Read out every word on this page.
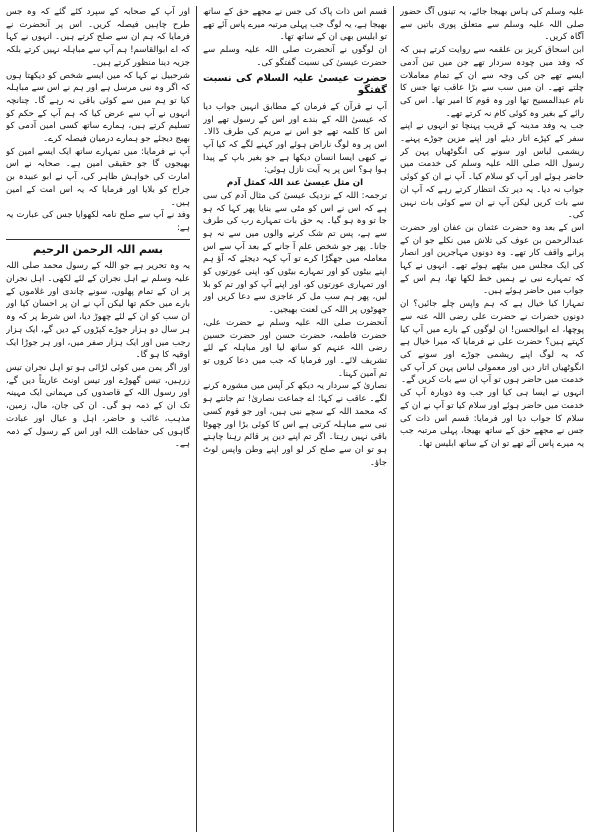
علیہ وسلم کی ہاس بھیجا جائے، یہ تینوں آگ حضور صلی اللہ علیہ وسلم سے متعلق پوری باتیں سے آگاہ کریں۔

ابن اسحاق کریز بن علقمہ سے روایت کرتے ہیں کہ کہ وفد میں چودہ سردار تھے جن میں تین آدمی ایسے تھے جن کی وجہ سے ان کے تمام معاملات چلتے تھے۔ ان میں سب سے بڑا عاقب تھا جس کا نام عبدالمسیح تھا اور وہ قوم کا امیر تھا۔ اس کی رائے کے بغیر وہ کوئی کام نہ کرتے تھے۔

جب یہ وفد مدینہ کے قریب پہنچا تو انہوں نے اپنے سفر کے کپڑے اتار دیئے اور اپنے مزین جوڑے پہنے۔ ریشمی لباس اور سونے کی انگوٹھیاں پہن کر رسول اللہ صلی اللہ علیہ وسلم کی خدمت میں حاضر ہوئے اور آپ کو سلام کیا۔ آپ نے ان کو کوئی جواب نہ دیا۔ یہ دیر تک انتظار کرتے رہے کہ آپ ان سے بات کریں لیکن آپ نے ان سے کوئی بات نہیں کی۔

اس کے بعد وہ حضرت عثمان بن عفان اور حضرت عبدالرحمن بن عوف کی تلاش میں نکلے جو ان کے پرانے واقف کار تھے۔ وہ دونوں مہاجرین اور انصار کی ایک مجلس میں بیٹھے ہوئے تھے۔ انہوں نے کہا کہ تمہارے نبی نے ہمیں خط لکھا تھا، ہم اس کے جواب میں حاضر ہوئے ہیں۔

تمہارا کیا خیال ہے کہ ہم واپس چلے جائیں؟ ان دونوں حضرات نے حضرت علی رضی اللہ عنہ سے پوچھا، اے ابوالحسن! ان لوگوں کے بارے میں آپ کیا کہتے ہیں؟ حضرت علی نے فرمایا کہ میرا خیال ہے کہ یہ لوگ اپنے ریشمی جوڑے اور سونے کی انگوٹھیاں اتار دیں اور معمولی لباس پہن کر آپ کی خدمت میں حاضر ہوں تو آپ ان سے بات کریں گے۔

انہوں نے ایسا ہی کیا اور جب وہ دوبارہ آپ کی خدمت میں حاضر ہوئے اور سلام کیا تو آپ نے ان کے سلام کا جواب دیا اور فرمایا: قسم اس ذات کی جس نے مجھے حق کے ساتھ بھیجا، پہلی مرتبہ جب یہ میرے پاس آئے تھے تو ان کے ساتھ ابلیس تھا۔

قسم اس ذات پاک کی جس نے مجھے حق کے ساتھ بھیجا ہے، یہ لوگ جب پہلی مرتبہ میرے پاس آئے تھے تو ابلیس بھی ان کے ساتھ تھا۔

ان لوگوں نے آنحضرت صلی اللہ علیہ وسلم سے حضرت عیسیٰ کی نسبت گفتگو کی۔

حضرت عیسیٰ علیہ السلام کی نسبت گفتگو

آپ نے قرآن کے فرمان کے مطابق انہیں جواب دیا کہ عیسیٰ اللہ کے بندے اور اس کے رسول تھے اور اس کا کلمہ تھے جو اس نے مریم کی طرف ڈالا۔ اس پر وہ لوگ ناراض ہوئے اور کہنے لگے کہ کیا آپ نے کبھی ایسا انسان دیکھا ہے جو بغیر باپ کے پیدا ہوا ہو؟ اس پر یہ آیت نازل ہوئی:

ان مثل عیسیٰ عند اللہ کمثل آدم

ترجمہ: اللہ کے نزدیک عیسیٰ کی مثال آدم کی سی ہے کہ اس نے اس کو مٹی سے بنایا پھر کہا کہ ہو جا تو وہ ہو گیا۔ یہ حق بات تمہارے رب کی طرف سے ہے، پس تم شک کرنے والوں میں سے نہ ہو جانا۔ پھر جو شخص علم آ جانے کے بعد آپ سے اس معاملہ میں جھگڑا کرے تو آپ کہہ دیجئے کہ آؤ ہم اپنے بیٹوں کو اور تمہارے بیٹوں کو، اپنی عورتوں کو اور تمہاری عورتوں کو، اور اپنے آپ کو اور تم کو بلا لیں، پھر ہم سب مل کر عاجزی سے دعا کریں اور جھوٹوں پر اللہ کی لعنت بھیجیں۔

آنحضرت صلی اللہ علیہ وسلم نے حضرت علی، حضرت فاطمہ، حضرت حسن اور حضرت حسین رضی اللہ عنہم کو ساتھ لیا اور مباہلہ کے لئے تشریف لائے۔ اور فرمایا کہ جب میں دعا کروں تو تم آمین کہنا۔

نصاریٰ کے سردار یہ دیکھ کر آپس میں مشورہ کرنے لگے۔ عاقب نے کہا: اے جماعت نصاریٰ! تم جانتے ہو کہ محمد اللہ کے سچے نبی ہیں، اور جو قوم کسی نبی سے مباہلہ کرتی ہے اس کا کوئی بڑا اور چھوٹا باقی نہیں رہتا۔ اگر تم اپنے دین پر قائم رہنا چاہتے ہو تو ان سے صلح کر لو اور اپنے وطن واپس لوٹ جاؤ۔

اور آپ کے صحابہ کے سپرد کئے گئے کہ وہ جس طرح چاہیں فیصلہ کریں۔ اس پر آنحضرت نے فرمایا کہ ہم ان سے صلح کرتے ہیں۔ انہوں نے کہا کہ اے ابوالقاسم! ہم آپ سے مباہلہ نہیں کرتے بلکہ جزیہ دینا منظور کرتے ہیں۔

شرحبیل نے کہا کہ میں ایسے شخص کو دیکھتا ہوں کہ اگر وہ نبی مرسل ہے اور ہم نے اس سے مباہلہ کیا تو ہم میں سے کوئی باقی نہ رہے گا۔ چنانچہ انہوں نے آپ سے عرض کیا کہ ہم آپ کے حکم کو تسلیم کرتے ہیں، ہمارے ساتھ کسی امین آدمی کو بھیج دیجئے جو ہمارے درمیان فیصلہ کرے۔

آپ نے فرمایا: میں تمہارے ساتھ ایک ایسے امین کو بھیجوں گا جو حقیقی امین ہے۔ صحابہ نے اس امارت کی خواہش ظاہر کی، آپ نے ابو عبیدہ بن جراح کو بلایا اور فرمایا کہ یہ اس امت کے امین ہیں۔

وفد نے آپ سے صلح نامہ لکھوایا جس کی عبارت یہ ہے:

بسم اللہ الرحمن الرحیم

یہ وہ تحریر ہے جو اللہ کے رسول محمد صلی اللہ علیہ وسلم نے اہل نجران کے لئے لکھی۔ اہل نجران پر ان کے تمام پھلوں، سونے چاندی اور غلاموں کے بارے میں حکم تھا لیکن آپ نے ان پر احسان کیا اور ان سب کو ان کے لئے چھوڑ دیا، اس شرط پر کہ وہ ہر سال دو ہزار جوڑے کپڑوں کے دیں گے، ایک ہزار رجب میں اور ایک ہزار صفر میں، اور ہر جوڑا ایک اوقیہ کا ہو گا۔

اور اگر یمن میں کوئی لڑائی ہو تو اہل نجران تیس زرہیں، تیس گھوڑے اور تیس اونٹ عاریتاً دیں گے، اور رسول اللہ کے قاصدوں کی مہمانی ایک مہینہ تک ان کے ذمہ ہو گی۔ ان کی جان، مال، زمین، مذہب، غائب و حاضر، اہل و عیال اور عبادت گاہوں کی حفاظت اللہ اور اس کے رسول کے ذمہ ہے۔
